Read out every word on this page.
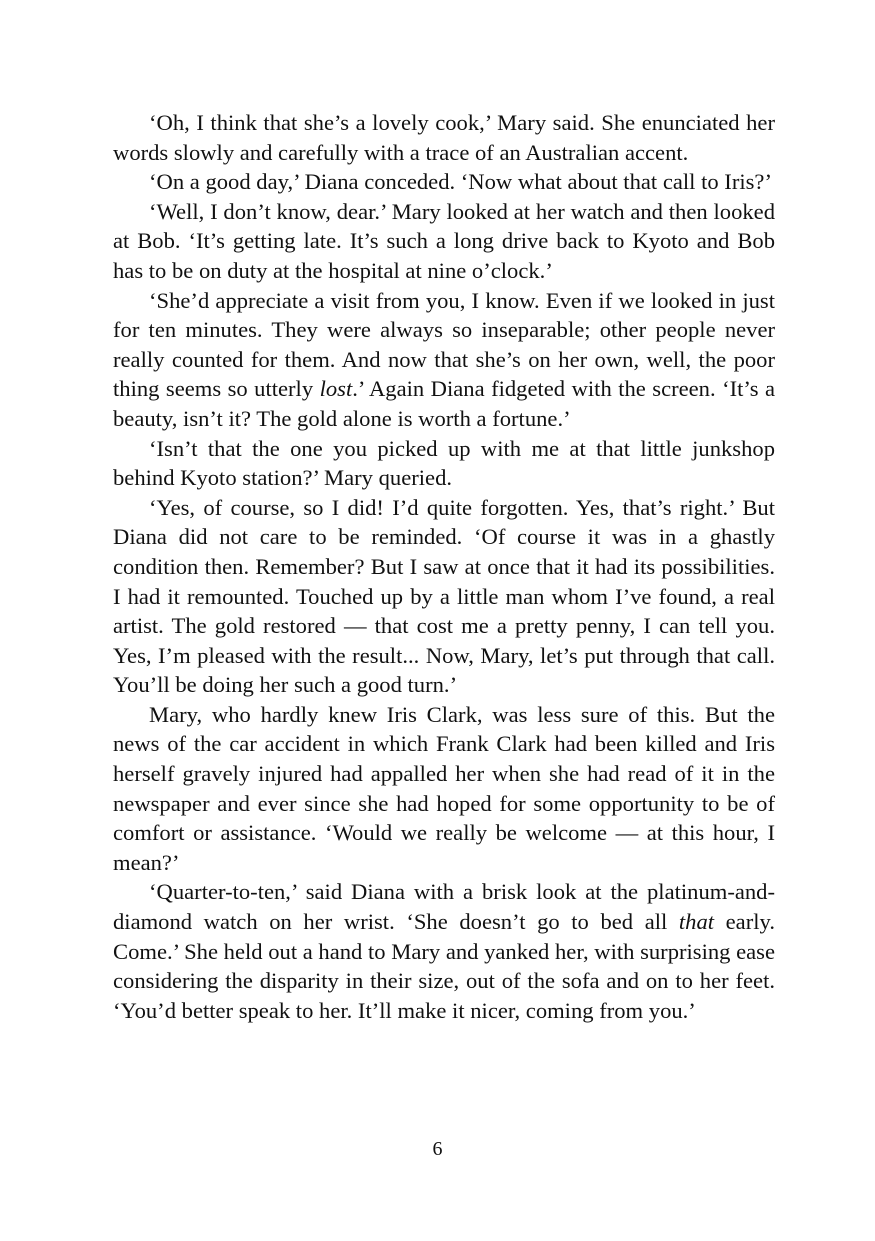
‘Oh, I think that she’s a lovely cook,’ Mary said. She enunciated her words slowly and carefully with a trace of an Australian accent.

‘On a good day,’ Diana conceded. ‘Now what about that call to Iris?’

‘Well, I don’t know, dear.’ Mary looked at her watch and then looked at Bob. ‘It’s getting late. It’s such a long drive back to Kyoto and Bob has to be on duty at the hospital at nine o’clock.’

‘She’d appreciate a visit from you, I know. Even if we looked in just for ten minutes. They were always so inseparable; other people never really counted for them. And now that she’s on her own, well, the poor thing seems so utterly lost.’ Again Diana fidgeted with the screen. ‘It’s a beauty, isn’t it? The gold alone is worth a fortune.’

‘Isn’t that the one you picked up with me at that little junkshop behind Kyoto station?’ Mary queried.

‘Yes, of course, so I did! I’d quite forgotten. Yes, that’s right.’ But Diana did not care to be reminded. ‘Of course it was in a ghastly condition then. Remember? But I saw at once that it had its possibilities. I had it remounted. Touched up by a little man whom I’ve found, a real artist. The gold restored — that cost me a pretty penny, I can tell you. Yes, I’m pleased with the result... Now, Mary, let’s put through that call. You’ll be doing her such a good turn.’

Mary, who hardly knew Iris Clark, was less sure of this. But the news of the car accident in which Frank Clark had been killed and Iris herself gravely injured had appalled her when she had read of it in the newspaper and ever since she had hoped for some opportunity to be of comfort or assistance. ‘Would we really be welcome — at this hour, I mean?’

‘Quarter-to-ten,’ said Diana with a brisk look at the platinum-and-diamond watch on her wrist. ‘She doesn’t go to bed all that early. Come.’ She held out a hand to Mary and yanked her, with surprising ease considering the disparity in their size, out of the sofa and on to her feet. ‘You’d better speak to her. It’ll make it nicer, coming from you.’

6
